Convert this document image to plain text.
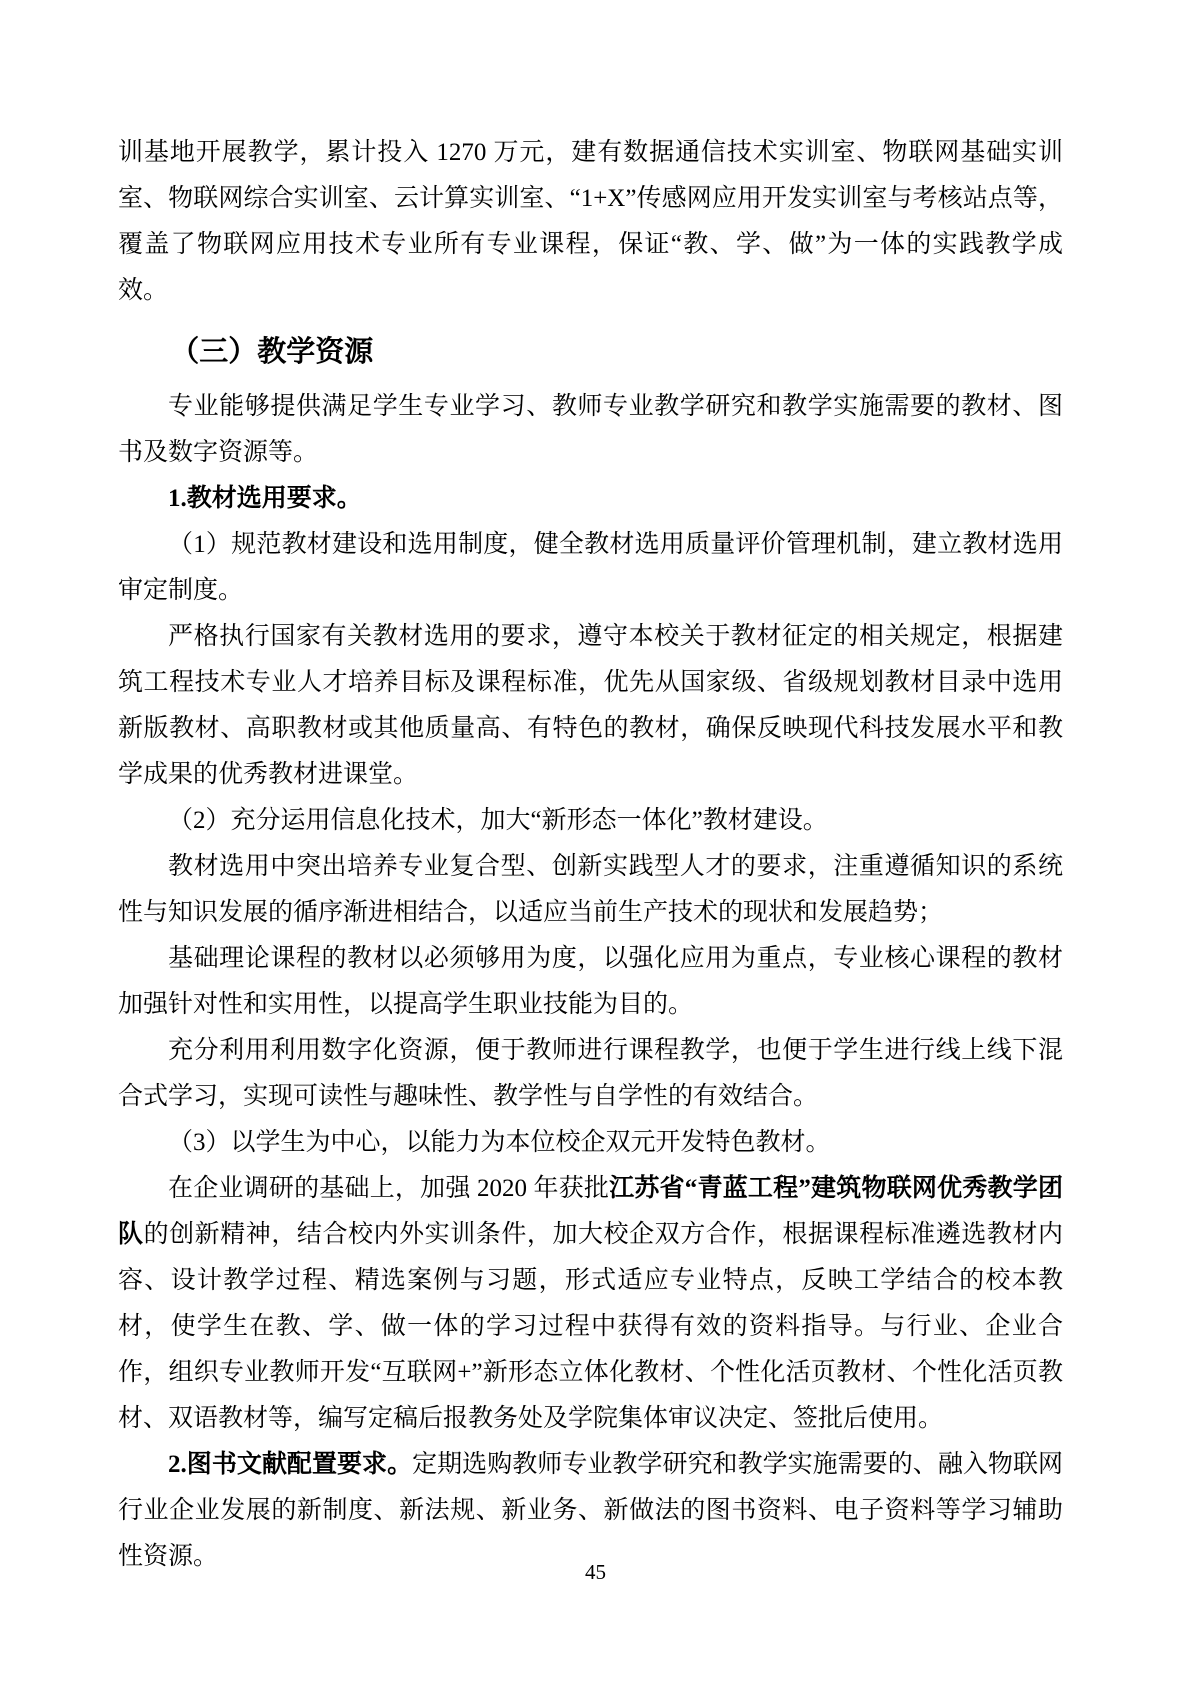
训基地开展教学，累计投入 1270 万元，建有数据通信技术实训室、物联网基础实训室、物联网综合实训室、云计算实训室、“1+X”传感网应用开发实训室与考核站点等，覆盖了物联网应用技术专业所有专业课程，保证“教、学、做”为一体的实践教学成效。

（三）教学资源

专业能够提供满足学生专业学习、教师专业教学研究和教学实施需要的教材、图书及数字资源等。

1.教材选用要求。

（1）规范教材建设和选用制度，健全教材选用质量评价管理机制，建立教材选用审定制度。

严格执行国家有关教材选用的要求，遵守本校关于教材征定的相关规定，根据建筑工程技术专业人才培养目标及课程标准，优先从国家级、省级规划教材目录中选用新版教材、高职教材或其他质量高、有特色的教材，确保反映现代科技发展水平和教学成果的优秀教材进课堂。

（2）充分运用信息化技术，加大“新形态一体化”教材建设。

教材选用中突出培养专业复合型、创新实践型人才的要求，注重遵循知识的系统性与知识发展的循序渐进相结合，以适应当前生产技术的现状和发展趋势；

基础理论课程的教材以必须够用为度，以强化应用为重点，专业核心课程的教材加强针对性和实用性，以提高学生职业技能为目的。

充分利用利用数字化资源，便于教师进行课程教学，也便于学生进行线上线下混合式学习，实现可读性与趣味性、教学性与自学性的有效结合。

（3）以学生为中心，以能力为本位校企双元开发特色教材。

在企业调研的基础上，加强 2020 年获批江苏省“青蓝工程”建筑物联网优秀教学团队的创新精神，结合校内外实训条件，加大校企双方合作，根据课程标准遴选教材内容、设计教学过程、精选案例与习题，形式适应专业特点，反映工学结合的校本教材，使学生在教、学、做一体的学习过程中获得有效的资料指导。与行业、企业合作，组织专业教师开发“互联网+”新形态立体化教材、个性化活页教材、个性化活页教材、双语教材等，编写定稿后报教务处及学院集体审议决定、签批后使用。

2.图书文献配置要求。定期选购教师专业教学研究和教学实施需要的、融入物联网行业企业发展的新制度、新法规、新业务、新做法的图书资料、电子资料等学习辅助性资源。

45
